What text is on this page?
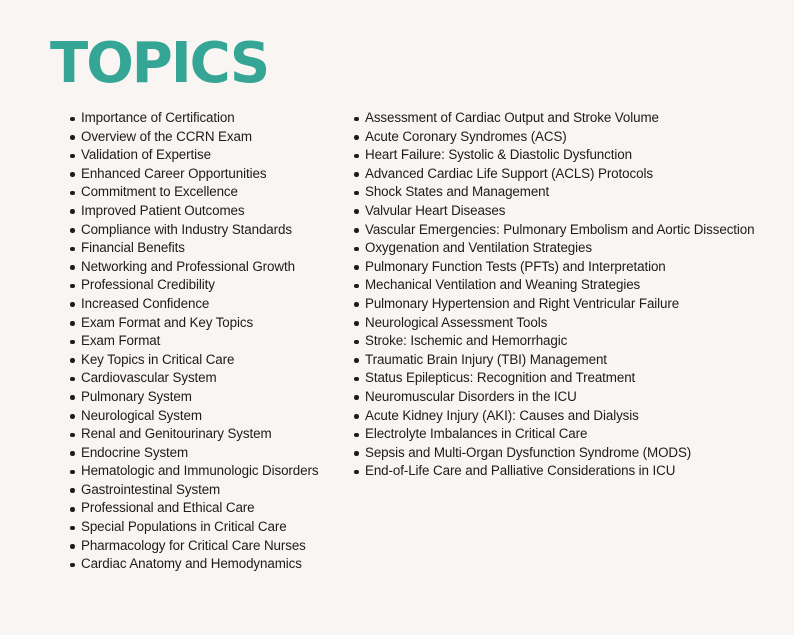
TOPICS
Importance of Certification
Overview of the CCRN Exam
Validation of Expertise
Enhanced Career Opportunities
Commitment to Excellence
Improved Patient Outcomes
Compliance with Industry Standards
Financial Benefits
Networking and Professional Growth
Professional Credibility
Increased Confidence
Exam Format and Key Topics
Exam Format
Key Topics in Critical Care
Cardiovascular System
Pulmonary System
Neurological System
Renal and Genitourinary System
Endocrine System
Hematologic and Immunologic Disorders
Gastrointestinal System
Professional and Ethical Care
Special Populations in Critical Care
Pharmacology for Critical Care Nurses
Cardiac Anatomy and Hemodynamics
Assessment of Cardiac Output and Stroke Volume
Acute Coronary Syndromes (ACS)
Heart Failure: Systolic & Diastolic Dysfunction
Advanced Cardiac Life Support (ACLS) Protocols
Shock States and Management
Valvular Heart Diseases
Vascular Emergencies: Pulmonary Embolism and Aortic Dissection
Oxygenation and Ventilation Strategies
Pulmonary Function Tests (PFTs) and Interpretation
Mechanical Ventilation and Weaning Strategies
Pulmonary Hypertension and Right Ventricular Failure
Neurological Assessment Tools
Stroke: Ischemic and Hemorrhagic
Traumatic Brain Injury (TBI) Management
Status Epilepticus: Recognition and Treatment
Neuromuscular Disorders in the ICU
Acute Kidney Injury (AKI): Causes and Dialysis
Electrolyte Imbalances in Critical Care
Sepsis and Multi-Organ Dysfunction Syndrome (MODS)
End-of-Life Care and Palliative Considerations in ICU
